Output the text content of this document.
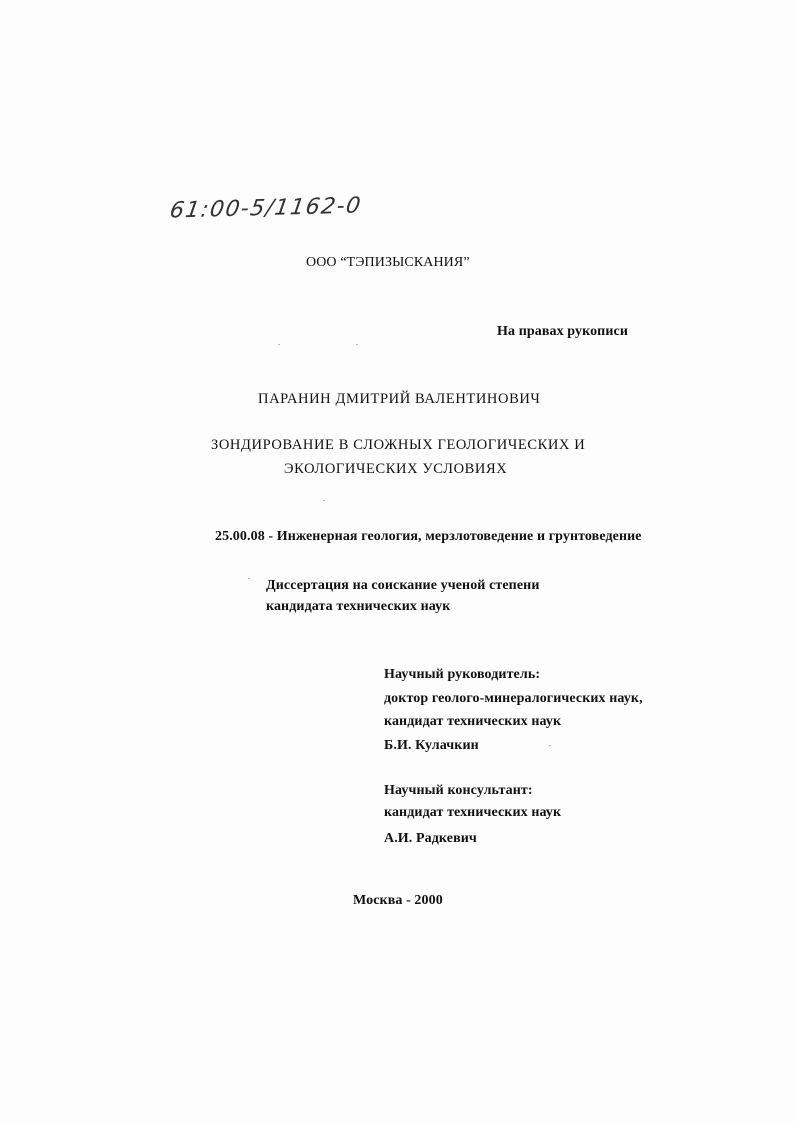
61:00-5/1162-0
ООО “ТЭПИЗЫСКАНИЯ”
На правах рукописи
ПАРАНИН ДМИТРИЙ ВАЛЕНТИНОВИЧ
ЗОНДИРОВАНИЕ В СЛОЖНЫХ ГЕОЛОГИЧЕСКИХ И
ЭКОЛОГИЧЕСКИХ УСЛОВИЯХ
25.00.08 - Инженерная геология, мерзлотоведение и грунтоведение
Диссертация на соискание ученой степени
кандидата технических наук
Научный руководитель:
доктор геолого-минералогических наук,
кандидат технических наук
Б.И. Кулачкин
Научный консультант:
кандидат технических наук
А.И. Радкевич
Москва - 2000
